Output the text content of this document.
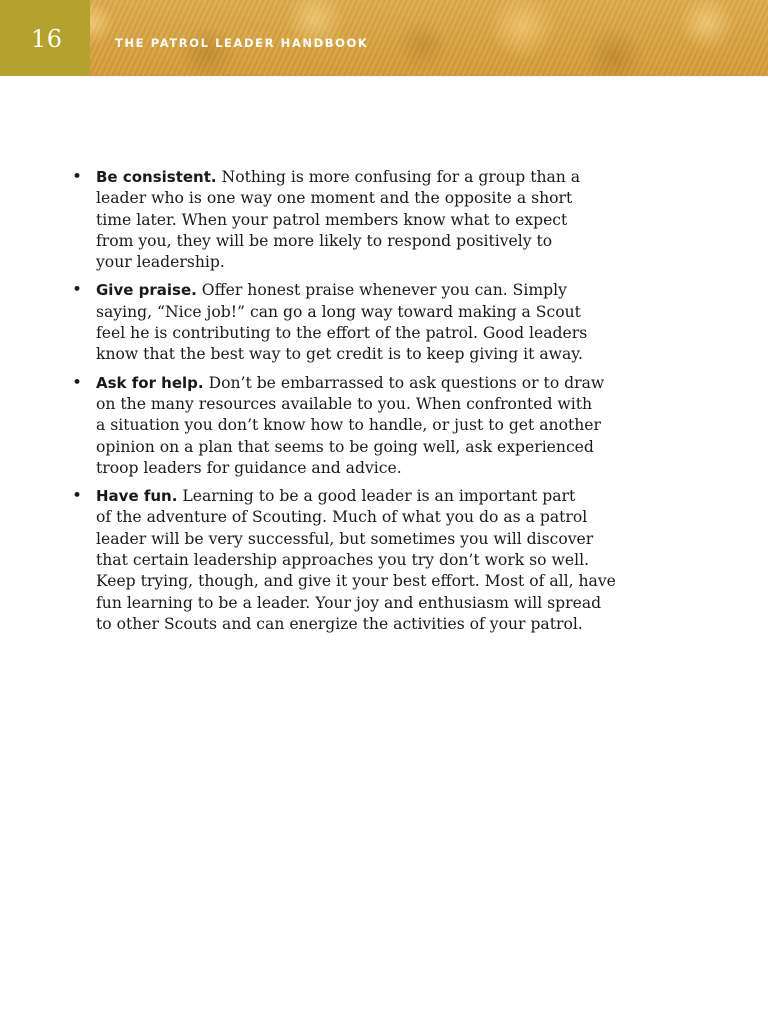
16	THE PATROL LEADER HANDBOOK
• Be consistent. Nothing is more confusing for a group than a
leader who is one way one moment and the opposite a short
time later. When your patrol members know what to expect
from you, they will be more likely to respond positively to
your leadership.
• Give praise. Offer honest praise whenever you can. Simply
saying, “Nice job!” can go a long way toward making a Scout
feel he is contributing to the effort of the patrol. Good leaders
know that the best way to get credit is to keep giving it away.
• Ask for help. Don’t be embarrassed to ask questions or to draw
on the many resources available to you. When confronted with
a situation you don’t know how to handle, or just to get another
opinion on a plan that seems to be going well, ask experienced
troop leaders for guidance and advice.
• Have fun. Learning to be a good leader is an important part
of the adventure of Scouting. Much of what you do as a patrol
leader will be very successful, but sometimes you will discover
that certain leadership approaches you try don’t work so well.
Keep trying, though, and give it your best effort. Most of all, have
fun learning to be a leader. Your joy and enthusiasm will spread
to other Scouts and can energize the activities of your patrol.
